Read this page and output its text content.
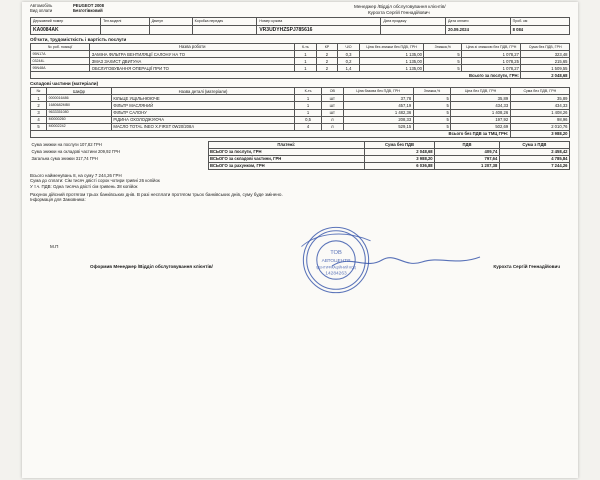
Автомобіль	PEUGEOT 2008
Вид оплати	Безготівковий
Менеджер /Відділ обслуговування клієнтів/
Курохта Сергій Геннадійович
Державний номер	Тел.моделі	Двигун	Коробка передач	Номер кузова	Дата продажу	Дата оплати	Проб. км
KA0084AK				VR3UDYHZSPJ785616		20.09.2024	8 084
Об'єкти, трудомісткість і вартість послуги
№ роб. позиції	Назва роботи	К-ть	КР	Ч/О	Ціна без знижки без ПДВ, ГРН	Знижка,%	Ціна зі знижкою без ПДВ, ГРН	Сума без ПДВ, ГРН
95N17A	ЗАМІНА ФІЛЬТРА ВЕНТИЛЯЦІЇ САЛОНУ НА ТО	1	2	0,3	1 135,00	5	1 078,27	323,48
03244L	ЗМАЗ ЗАХИСТ ДВИГУНА	1	2	0,2	1 135,00	5	1 078,25	215,65
95N48A	ОБСЛУГОВУВАННЯ ОПЕРАЦІЇ ПРИ ТО	1	2	1,4	1 135,00	5	1 078,27	1 509,55
Всього за послуги, ГРН:								2 048,68
Складові частини (матеріали)
№	Шифр	Назва деталі (матеріали)	К-ть	ОВ	Ціна базова без ПДВ, ГРН	Знижка,%	Ціна без ПДВ, ГРН	Сума без ПДВ, ГРН
1	0000016486	КІЛЬЦЕ УЩІЛЬНЮЮЧЕ	1	шт	37,78	5	35,89	35,89
2	1680682МВ0	ФІЛЬТР МАСЛЯНИЙ	1	шт	457,19	5	434,33	434,33
3	9633351080	ФІЛЬТР САЛОНУ	1	шт	1 482,36	5	1 408,26	1 408,26
4	M0000260	РІДИНА ОХОЛОДЖУЮЧА	0,5	л	208,33	5	197,92	98,96
5	M0002242	МАСЛО TOTAL INEO X.FIRST 0W20/208л	4	л	529,15	5	502,69	2 010,76
Всього без ПДВ за ТМЦ ГРН:								3 988,20
Сума знижки на послуги 107,82 ГРН	Платежі:	Сума без ПДВ	ПДВ	Сума з ПДВ
Сума знижки на складові частини 209,92 ГРН	ВСЬОГО за послуги, ГРН	2 048,68	409,74	2 458,42
Загальна сума знижки 317,74 ГРН	ВСЬОГО за складові частини, ГРН	3 988,20	797,64	4 785,84
	ВСЬОГО за рахунком, ГРН	6 036,88	1 207,38	7 244,26
Всього найменувань 8, на суму 7 244,26 ГРН
Сума до сплати: Сім тисяч двісті сорок чотири гривні 26 копійок
У т.ч. ПДВ: Одна тисяча двісті сім гривень 38 копійок
Рахунок дійсний протягом трьох банківських днів. В разі несплати протягом трьох банківських днів, суму буде змінено.
Інформація для Замовника:
М.П
ТОВ
АВТОЦЕНТР
ІДЕНТИФІКАЦІЙНИЙ КОД
14284263
Оформив Менеджер /Відділ обслуговування клієнтів/	Курохта Сергій Геннадійович
